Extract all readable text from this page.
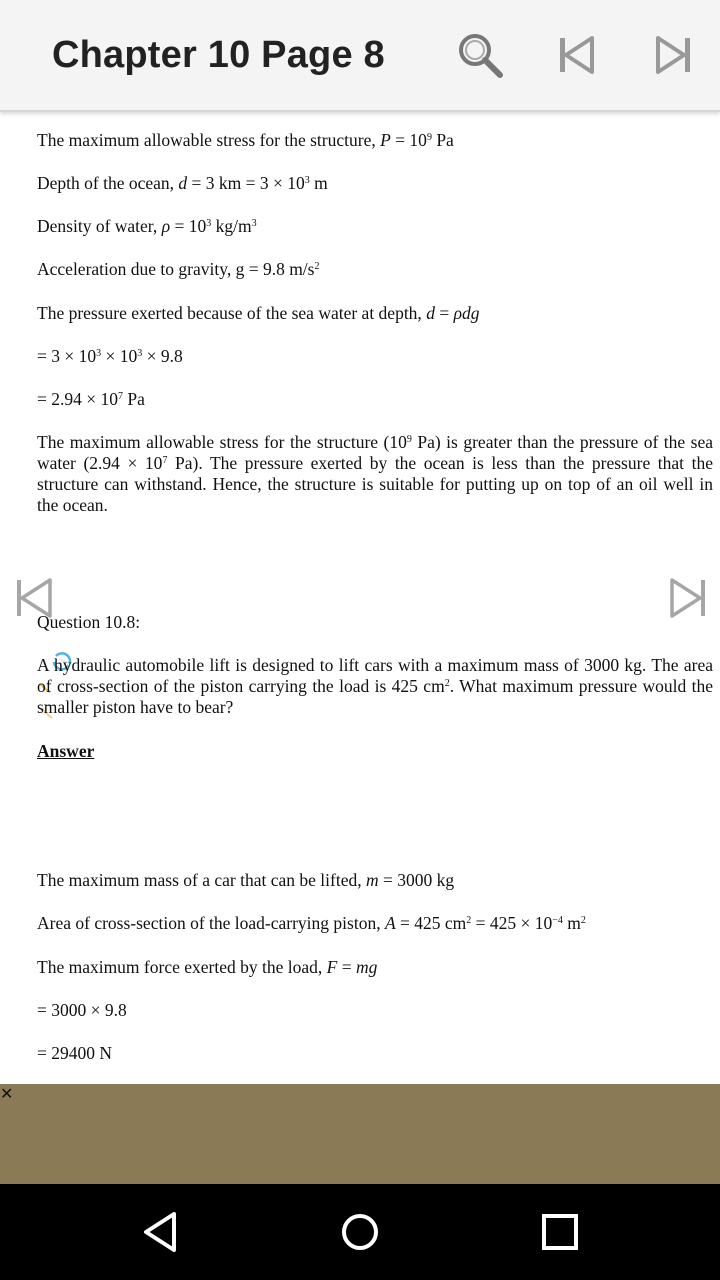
Chapter 10 Page 8
The maximum allowable stress for the structure, $P = 10^9$ Pa
Depth of the ocean, d = 3 km = $3 \times 10^3$ m
Density of water, $\rho = 10^3$ $kg/m^3$
Acceleration due to gravity, g = 9.8 $m/s^2$
The pressure exerted because of the sea water at depth, d = ρdg
= $3 \times 10^3 \times 10^3 \times 9.8$
= $2.94 \times 10^7$ Pa
The maximum allowable stress for the structure ($10^9$ Pa) is greater than the pressure of the sea water ($2.94 \times 10^7$ Pa). The pressure exerted by the ocean is less than the pressure that the structure can withstand. Hence, the structure is suitable for putting up on top of an oil well in the ocean.
Question 10.8:
A hydraulic automobile lift is designed to lift cars with a maximum mass of 3000 kg. The area of cross-section of the piston carrying the load is 425 $cm^2$. What maximum pressure would the smaller piston have to bear?
Answer
The maximum mass of a car that can be lifted, m = 3000 kg
Area of cross-section of the load-carrying piston, A = 425 $cm^2 = 425 \times 10^{-4}$ $m^2$
The maximum force exerted by the load, F = mg
= 3000 × 9.8
= 29400 N
✕
